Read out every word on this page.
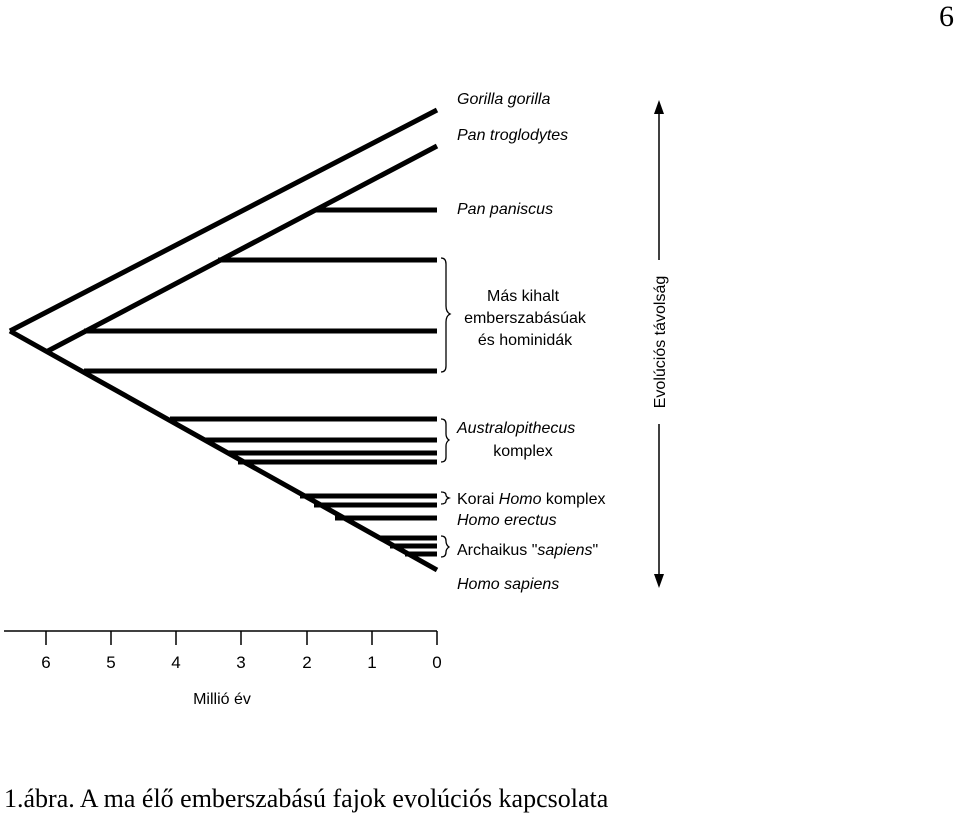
6
Gorilla gorilla
Pan troglodytes
Pan paniscus
Más kihalt
emberszabásúak
és hominidák
Australopithecus
komplex
Korai Homo komplex
Homo erectus
Archaikus "sapiens"
Homo sapiens
Evolúciós távolság
6	5	4	3	2	1	0
Millió év
1.ábra. A ma élő emberszabású fajok evolúciós kapcsolata
